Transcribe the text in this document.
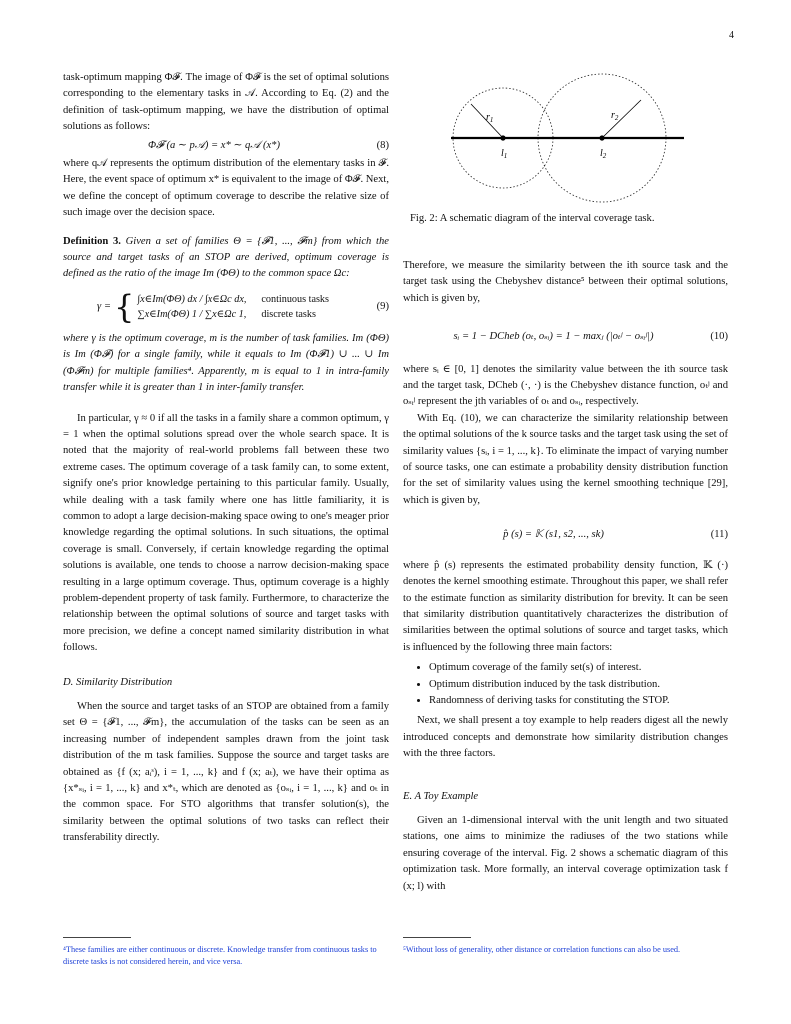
4

task-optimum mapping Φ𝓕. The image of Φ𝓕 is the set of optimal solutions corresponding to the elementary tasks in 𝒜. According to Eq. (2) and the definition of task-optimum mapping, we have the distribution of optimal solutions as follows:

Φ𝓕 (a ∼ p𝒜) = x* ∼ q𝒜 (x*)	(8)

where q𝒜 represents the optimum distribution of the elementary tasks in 𝓕. Here, the event space of optimum x* is equivalent to the image of Φ𝓕. Next, we define the concept of optimum coverage to describe the relative size of such image over the decision space.

Definition 3. Given a set of families Θ = {𝓕1, ..., 𝓕m} from which the source and target tasks of an STOP are derived, optimum coverage is defined as the ratio of the image Im (ΦΘ) to the common space Ωc:
γ = { ∫x∈Im(ΦΘ) dx / ∫x∈Ωc dx,	continuous tasks
∑x∈Im(ΦΘ) 1 / ∑x∈Ωc 1,	discrete tasks
(9)

where γ is the optimum coverage, m is the number of task families. Im (ΦΘ) is Im (Φ𝓕) for a single family, while it equals to Im (Φ𝓕1) ∪ ... ∪ Im (Φ𝓕m) for multiple families⁴. Apparently, m is equal to 1 in intra-family transfer while it is greater than 1 in inter-family transfer.

In particular, γ ≈ 0 if all the tasks in a family share a common optimum, γ = 1 when the optimal solutions spread over the whole search space. It is noted that the majority of real-world problems fall between these two extreme cases. The optimum coverage of a task family can, to some extent, signify one's prior knowledge pertaining to this particular family. Usually, while dealing with a task family where one has little familiarity, it is common to adopt a large decision-making space owing to one's meager prior knowledge regarding the optimal solutions. In such situations, the optimal coverage is small. Conversely, if certain knowledge regarding the optimal solutions is available, one tends to choose a narrow decision-making space resulting in a large optimum coverage. Thus, optimum coverage is a highly problem-dependent property of task family. Furthermore, to characterize the relationship between the optimal solutions of source and target tasks with more precision, we define a concept named similarity distribution in what follows.

D. Similarity Distribution

When the source and target tasks of an STOP are obtained from a family set Θ = {𝓕1, ..., 𝓕m}, the accumulation of the tasks can be seen as an increasing number of independent samples drawn from the joint task distribution of the m task families. Suppose the source and target tasks are obtained as {f (x; aᵢˢ), i = 1, ..., k} and f (x; aₜ), we have their optima as {x*ₛᵢ, i = 1, ..., k} and x*ₜ, which are denoted as {oₛᵢ, i = 1, ..., k} and oₜ in the common space. For STO algorithms that transfer solution(s), the similarity between the optimal solutions of two tasks can reflect their transferability directly.

$r_1$	$r_2$
$l_1$	$l_2$
Fig. 2: A schematic diagram of the interval coverage task.

Therefore, we measure the similarity between the ith source task and the target task using the Chebyshev distance⁵ between their optimal solutions, which is given by,

sᵢ = 1 − DCheb (oₜ, oₛᵢ) = 1 − maxⱼ (|oₜʲ − oₛᵢʲ|)	(10)

where sᵢ ∈ [0, 1] denotes the similarity value between the ith source task and the target task, DCheb (·, ·) is the Chebyshev distance function, oₜʲ and oₛᵢʲ represent the jth variables of oₜ and oₛᵢ, respectively.

With Eq. (10), we can characterize the similarity relationship between the optimal solutions of the k source tasks and the target task using the set of similarity values {sᵢ, i = 1, ..., k}. To eliminate the impact of varying number of source tasks, one can estimate a probability density distribution function for the set of similarity values using the kernel smoothing technique [29], which is given by,

p̂ (s) = 𝕂 (s1, s2, ..., sk)	(11)

where p̂ (s) represents the estimated probability density function, 𝕂 (·) denotes the kernel smoothing estimate. Throughout this paper, we shall refer to the estimate function as similarity distribution for brevity. It can be seen that similarity distribution quantitatively characterizes the distribution of similarities between the optimal solutions of source and target tasks, which is influenced by the following three main factors:

• Optimum coverage of the family set(s) of interest.
• Optimum distribution induced by the task distribution.
• Randomness of deriving tasks for constituting the STOP.

Next, we shall present a toy example to help readers digest all the newly introduced concepts and demonstrate how similarity distribution changes with the three factors.

E. A Toy Example

Given an 1-dimensional interval with the unit length and two situated stations, one aims to minimize the radiuses of the two stations while ensuring coverage of the interval. Fig. 2 shows a schematic diagram of this optimization task. More formally, an interval coverage optimization task f (x; l) with

⁴These families are either continuous or discrete. Knowledge transfer from continuous tasks to discrete tasks is not considered herein, and vice versa.
⁵Without loss of generality, other distance or correlation functions can also be used.
